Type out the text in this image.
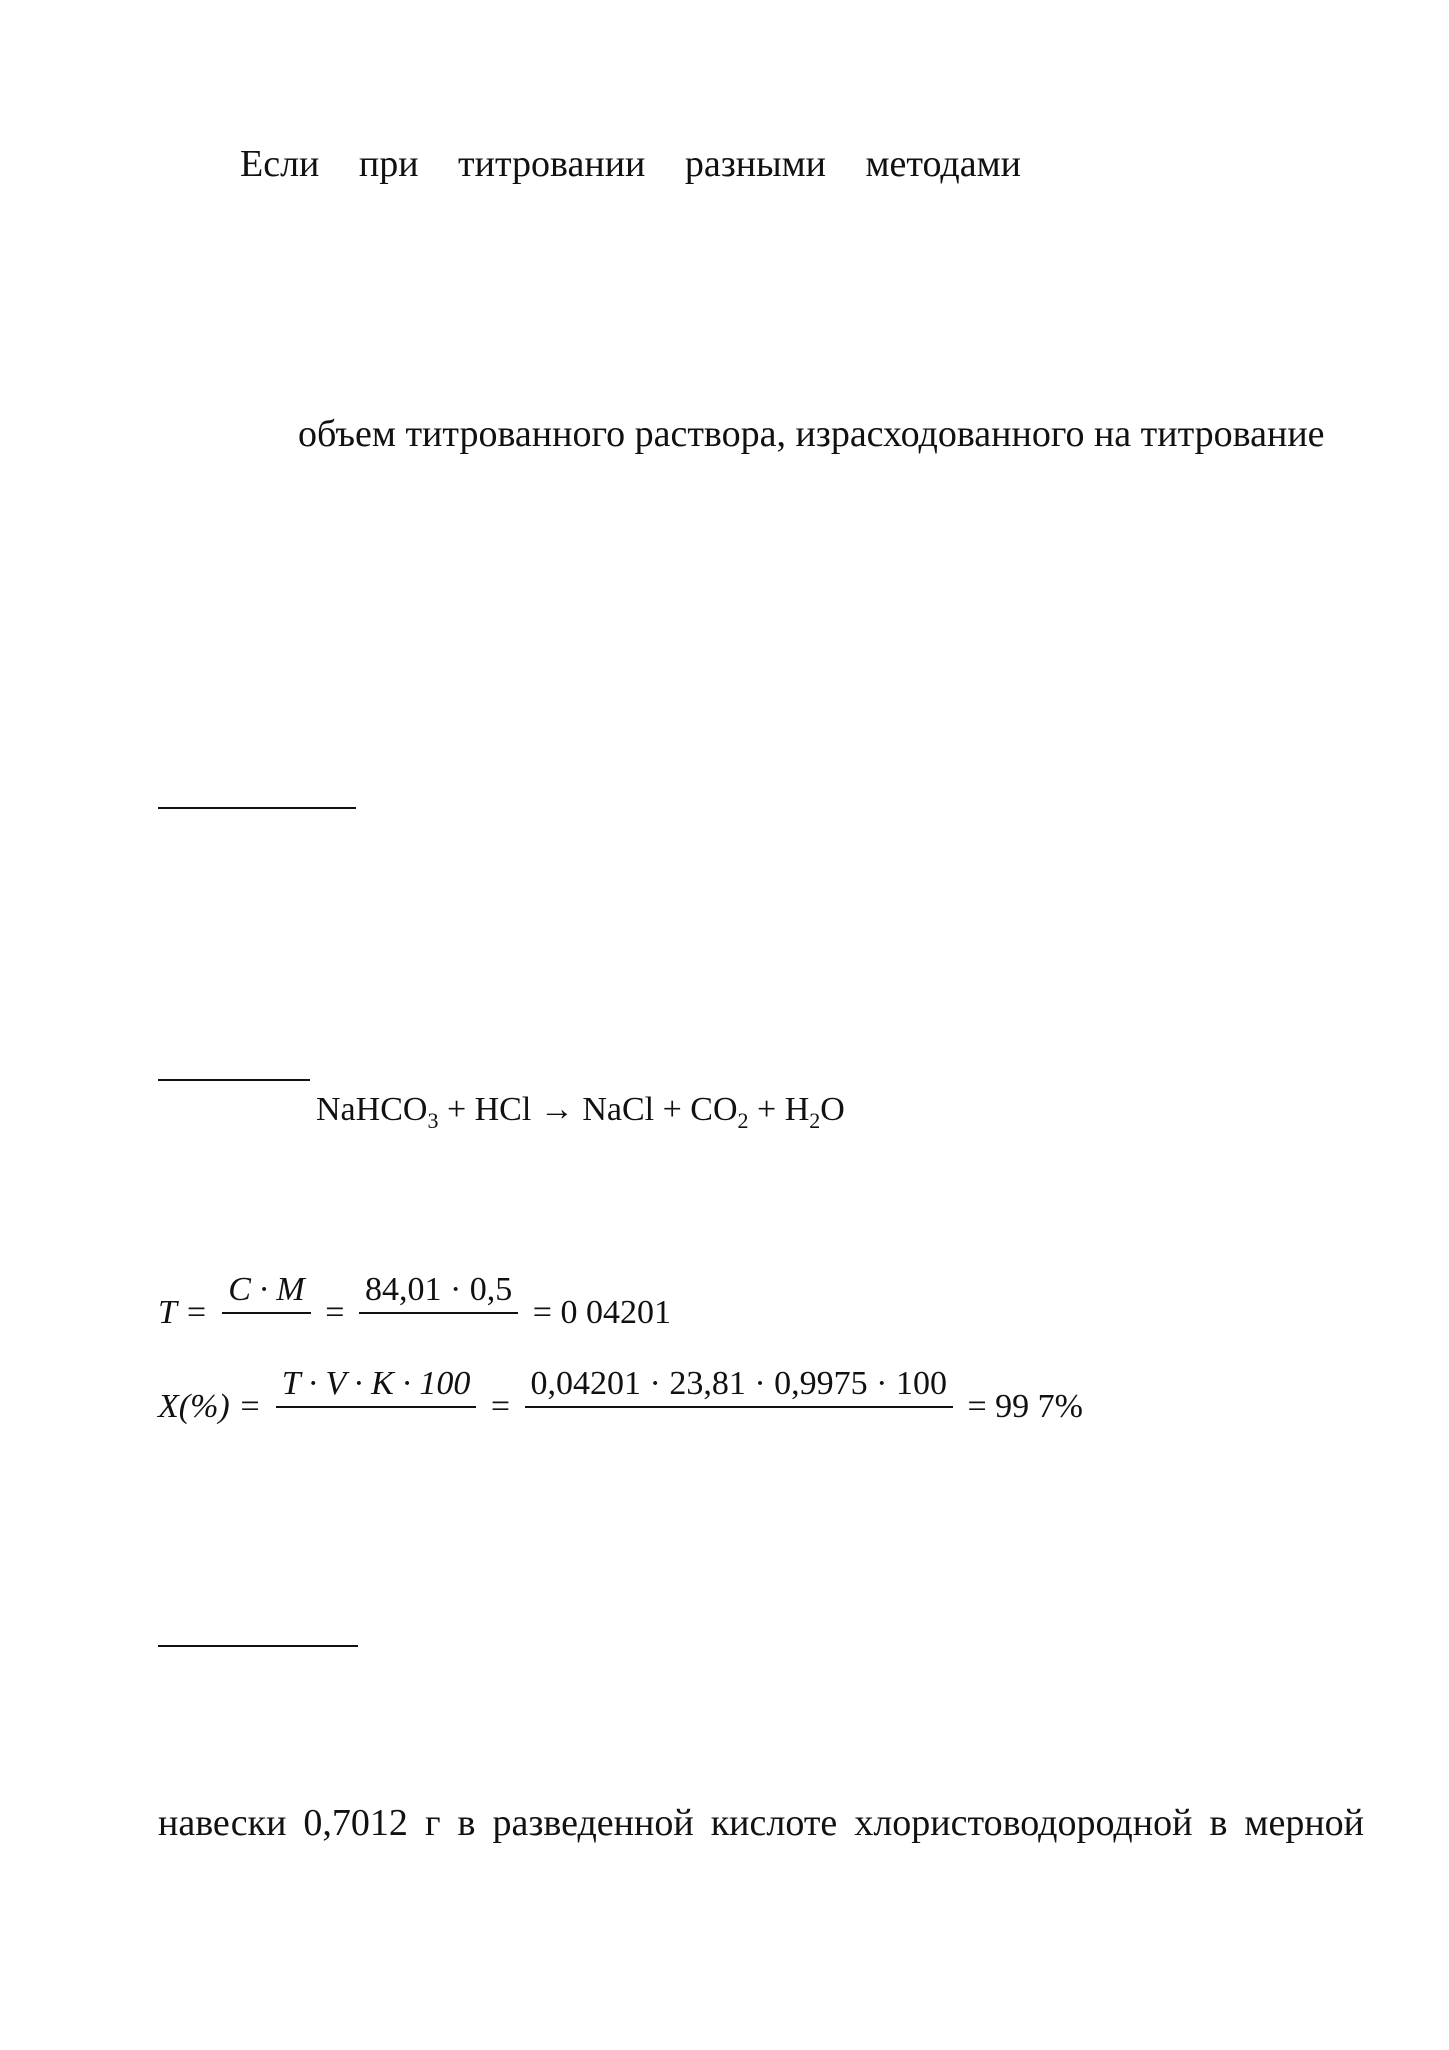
Если при титровании разными методами
объем титрованного раствора, израсходованного на титрование
NaHCO$_3$ + HCl → NaCl + $CO_2 + H_2O$
T =
C · M
=
84,01 · 0,5
= 0 04201
X(%) =
T · V · K · 100
=
0,04201 · 23,81 · 0,9975 · 100
= 99 7%
навески 0,7012 г в разведенной кислоте хлористоводородной в мерной
